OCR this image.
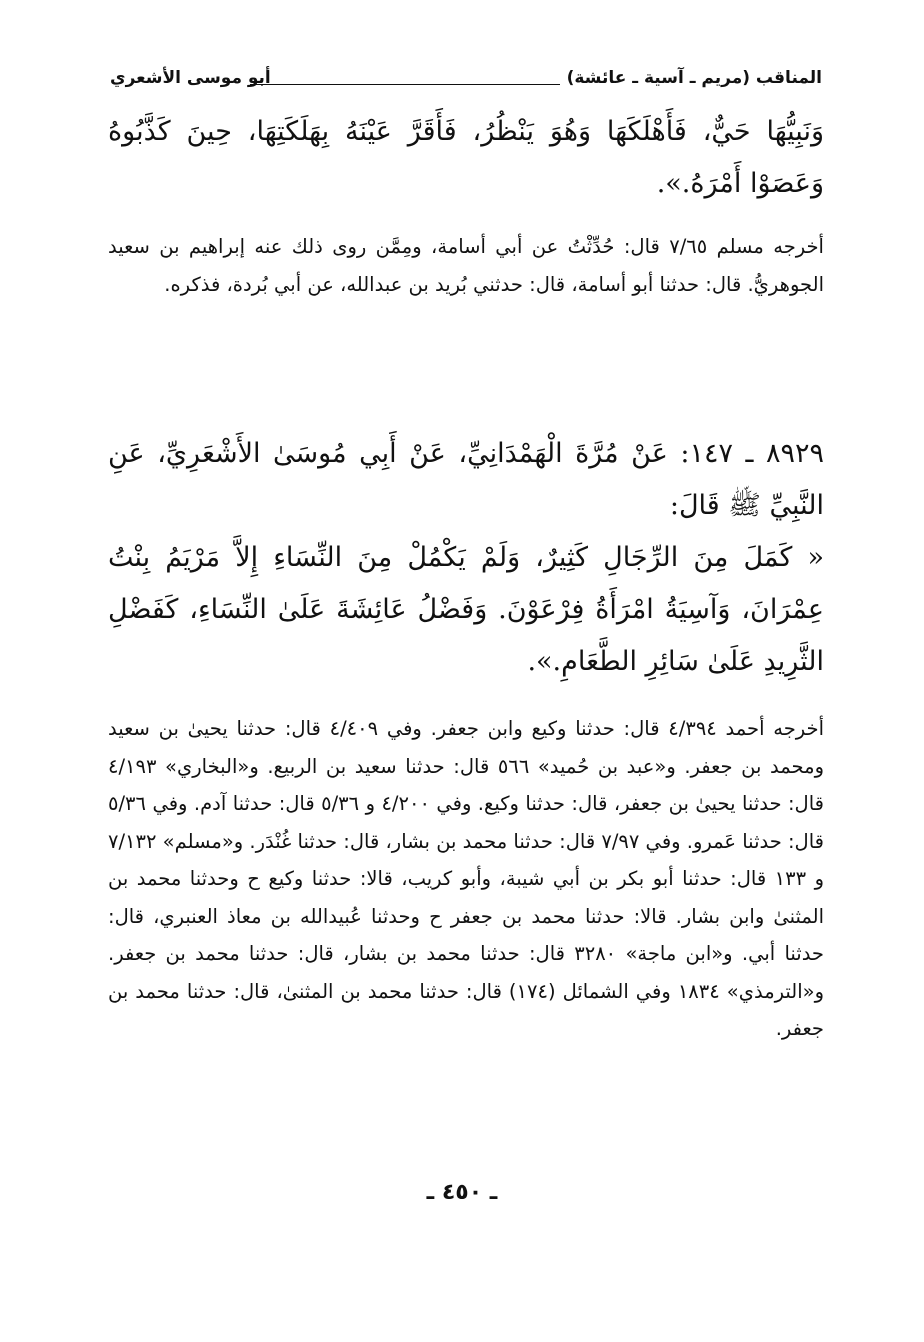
المناقب (مريم ـ آسية ـ عائشة)
أبو موسى الأشعري
وَنَبِيُّهَا حَيٌّ، فَأَهْلَكَهَا وَهُوَ يَنْظُرُ، فَأَقَرَّ عَيْنَهُ بِهَلَكَتِهَا، حِينَ كَذَّبُوهُ وَعَصَوْا أَمْرَهُ.».
أخرجه مسلم ٧/٦٥ قال: حُدِّثْتُ عن أبي أسامة، ومِمَّن روى ذلك عنه إبراهيم بن سعيد الجوهريُّ. قال: حدثنا أبو أسامة، قال: حدثني بُريد بن عبدالله، عن أبي بُردة، فذكره.
٨٩٢٩ ـ ١٤٧: عَنْ مُرَّةَ الْهَمْدَانِيِّ، عَنْ أَبِي مُوسَىٰ الأَشْعَرِيِّ، عَنِ النَّبِيِّ ﷺ قَالَ:
« كَمَلَ مِنَ الرِّجَالِ كَثِيرٌ، وَلَمْ يَكْمُلْ مِنَ النِّسَاءِ إِلاَّ مَرْيَمُ بِنْتُ عِمْرَانَ، وَآسِيَةُ امْرَأَةُ فِرْعَوْنَ. وَفَضْلُ عَائِشَةَ عَلَىٰ النِّسَاءِ، كَفَضْلِ الثَّرِيدِ عَلَىٰ سَائِرِ الطَّعَامِ.».
أخرجه أحمد ٤/٣٩٤ قال: حدثنا وكيع وابن جعفر. وفي ٤/٤٠٩ قال: حدثنا يحيىٰ بن سعيد ومحمد بن جعفر. و«عبد بن حُميد» ٥٦٦ قال: حدثنا سعيد بن الربيع. و«البخاري» ٤/١٩٣ قال: حدثنا يحيىٰ بن جعفر، قال: حدثنا وكيع. وفي ٤/٢٠٠ و ٥/٣٦ قال: حدثنا آدم. وفي ٥/٣٦ قال: حدثنا عَمرو. وفي ٧/٩٧ قال: حدثنا محمد بن بشار، قال: حدثنا غُنْدَر. و«مسلم» ٧/١٣٢ و ١٣٣ قال: حدثنا أبو بكر بن أبي شيبة، وأبو كريب، قالا: حدثنا وكيع ح وحدثنا محمد بن المثنىٰ وابن بشار. قالا: حدثنا محمد بن جعفر ح وحدثنا عُبيدالله بن معاذ العنبري، قال: حدثنا أبي. و«ابن ماجة» ٣٢٨٠ قال: حدثنا محمد بن بشار، قال: حدثنا محمد بن جعفر. و«الترمذي» ١٨٣٤ وفي الشمائل (١٧٤) قال: حدثنا محمد بن المثنىٰ، قال: حدثنا محمد بن جعفر.
ـ ٤٥٠ ـ
